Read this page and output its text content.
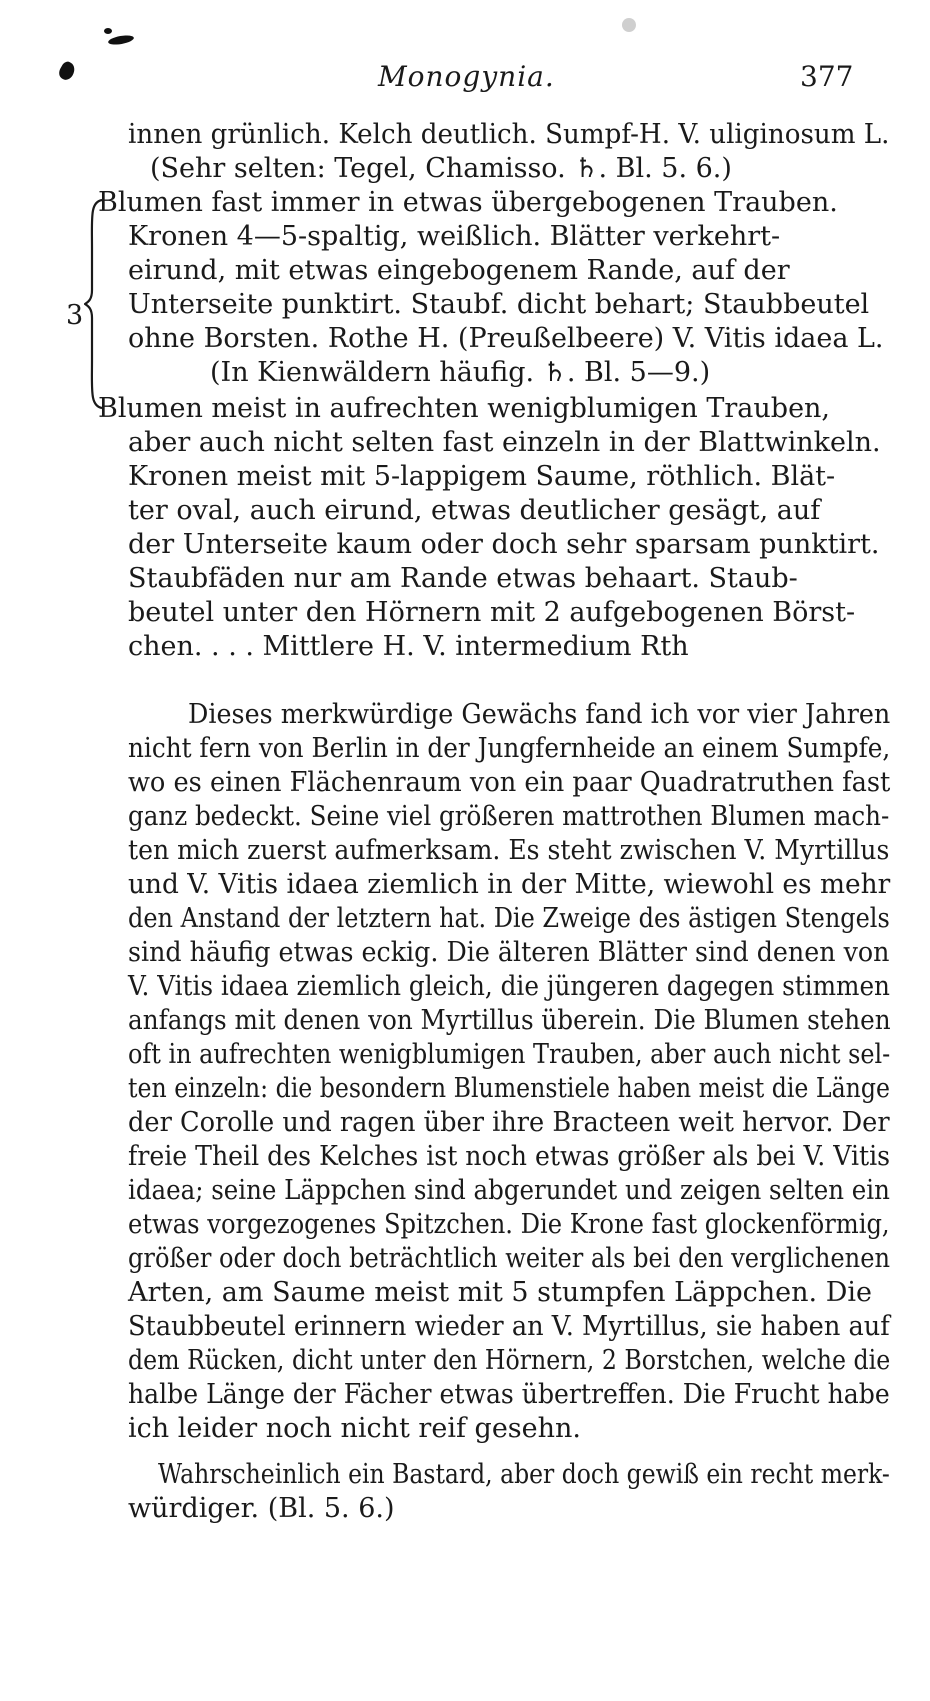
Monogynia.	377
innen grünlich. Kelch deutlich. Sumpf-H. V. uliginosum L.
(Sehr selten: Tegel, Chamisso. ♄. Bl. 5. 6.)
3
Blumen fast immer in etwas übergebogenen Trauben.
Kronen 4—5-spaltig, weißlich. Blätter verkehrt-
eirund, mit etwas eingebogenem Rande, auf der
Unterseite punktirt. Staubf. dicht behart; Staubbeutel
ohne Borsten. Rothe H. (Preußelbeere) V. Vitis idaea L.
(In Kienwäldern häufig. ♄. Bl. 5—9.)
Blumen meist in aufrechten wenigblumigen Trauben,
aber auch nicht selten fast einzeln in der Blattwinkeln.
Kronen meist mit 5-lappigem Saume, röthlich. Blät-
ter oval, auch eirund, etwas deutlicher gesägt, auf
der Unterseite kaum oder doch sehr sparsam punktirt.
Staubfäden nur am Rande etwas behaart. Staub-
beutel unter den Hörnern mit 2 aufgebogenen Börst-
chen. . . . Mittlere H. V. intermedium Rth
Dieses merkwürdige Gewächs fand ich vor vier Jahren
nicht fern von Berlin in der Jungfernheide an einem Sumpfe,
wo es einen Flächenraum von ein paar Quadratruthen fast
ganz bedeckt. Seine viel größeren mattrothen Blumen mach-
ten mich zuerst aufmerksam. Es steht zwischen V. Myrtillus
und V. Vitis idaea ziemlich in der Mitte, wiewohl es mehr
den Anstand der letztern hat. Die Zweige des ästigen Stengels
sind häufig etwas eckig. Die älteren Blätter sind denen von
V. Vitis idaea ziemlich gleich, die jüngeren dagegen stimmen
anfangs mit denen von Myrtillus überein. Die Blumen stehen
oft in aufrechten wenigblumigen Trauben, aber auch nicht sel-
ten einzeln: die besondern Blumenstiele haben meist die Länge
der Corolle und ragen über ihre Bracteen weit hervor. Der
freie Theil des Kelches ist noch etwas größer als bei V. Vitis
idaea; seine Läppchen sind abgerundet und zeigen selten ein
etwas vorgezogenes Spitzchen. Die Krone fast glockenförmig,
größer oder doch beträchtlich weiter als bei den verglichenen
Arten, am Saume meist mit 5 stumpfen Läppchen. Die
Staubbeutel erinnern wieder an V. Myrtillus, sie haben auf
dem Rücken, dicht unter den Hörnern, 2 Borstchen, welche die
halbe Länge der Fächer etwas übertreffen. Die Frucht habe
ich leider noch nicht reif gesehn.
Wahrscheinlich ein Bastard, aber doch gewiß ein recht merk-
würdiger. (Bl. 5. 6.)
